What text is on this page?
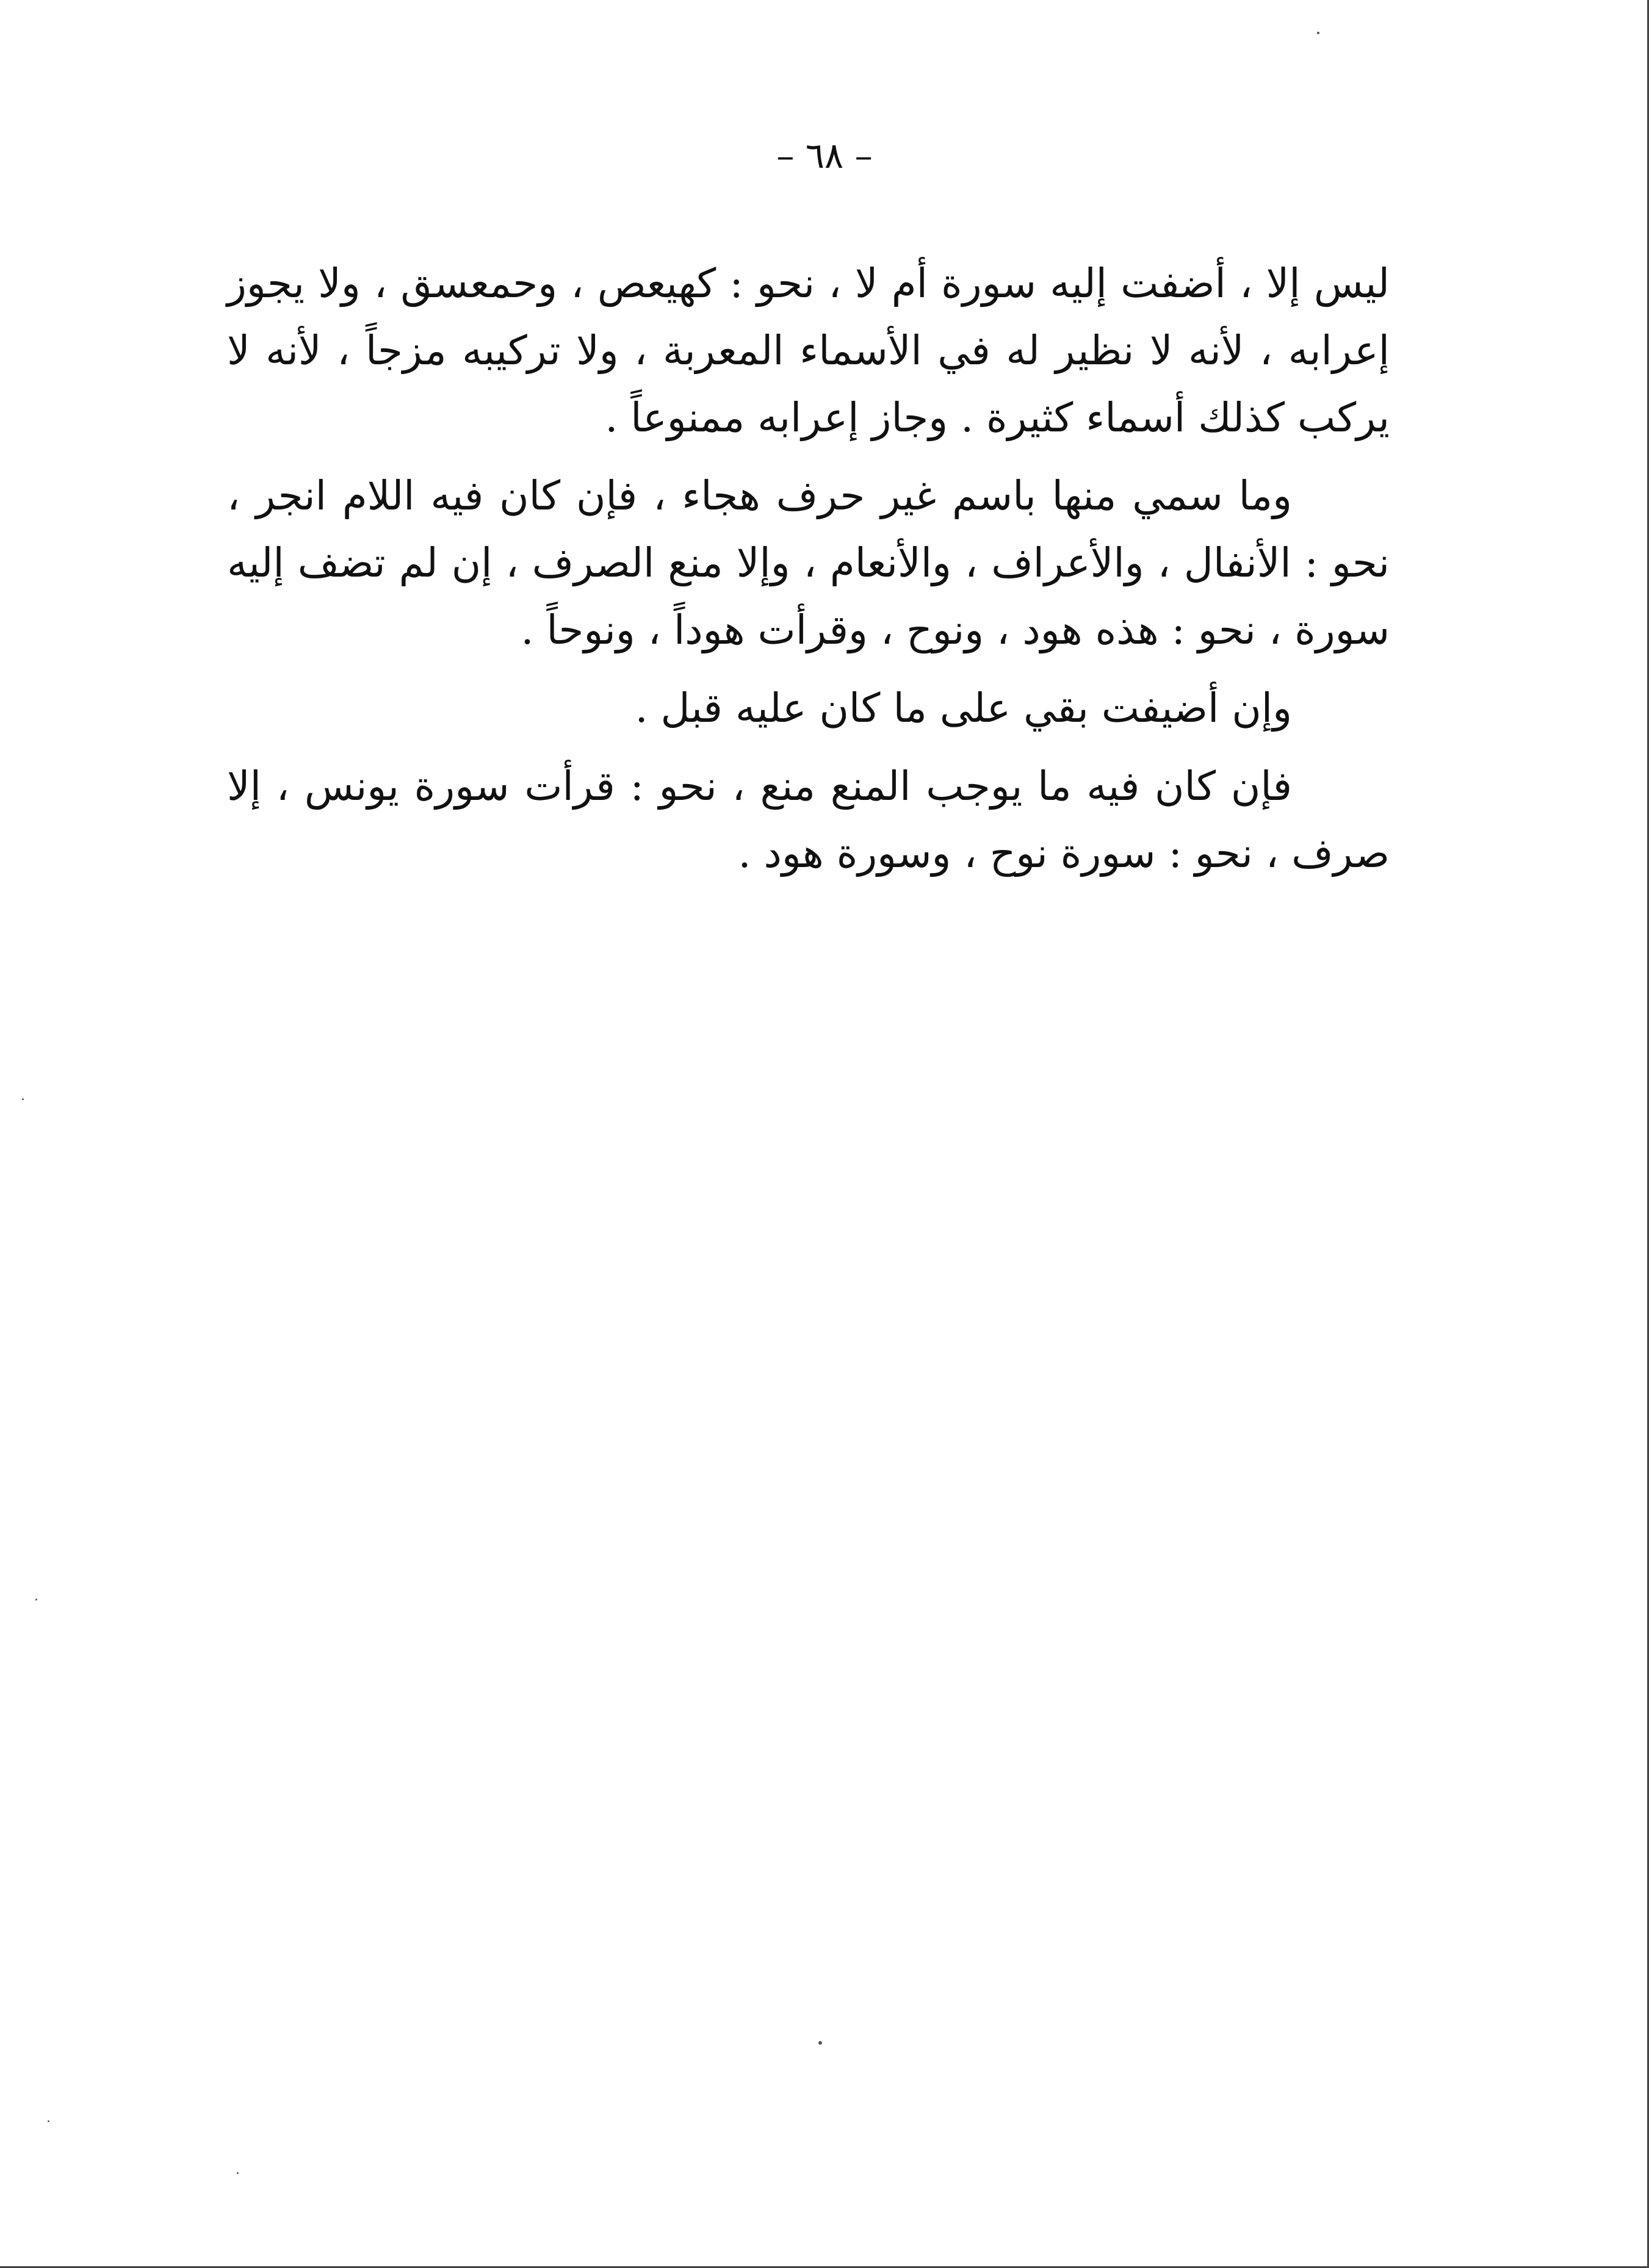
– ٦٨ –

ليس إلا ، أضفت إليه سورة أم لا ، نحو : كهيعص ، وحمعسق ، ولا يجوز إعرابه ، لأنه لا نظير له في الأسماء المعربة ، ولا تركيبه مزجاً ، لأنه لا يركب كذلك أسماء كثيرة . وجاز إعرابه ممنوعاً .

وما سمي منها باسم غير حرف هجاء ، فإن كان فيه اللام انجر ، نحو : الأنفال ، والأعراف ، والأنعام ، وإلا منع الصرف ، إن لم تضف إليه سورة ، نحو : هذه هود ، ونوح ، وقرأت هوداً ، ونوحاً .

وإن أضيفت بقي على ما كان عليه قبل .

فإن كان فيه ما يوجب المنع منع ، نحو : قرأت سورة يونس ، إلا صرف ، نحو : سورة نوح ، وسورة هود .
